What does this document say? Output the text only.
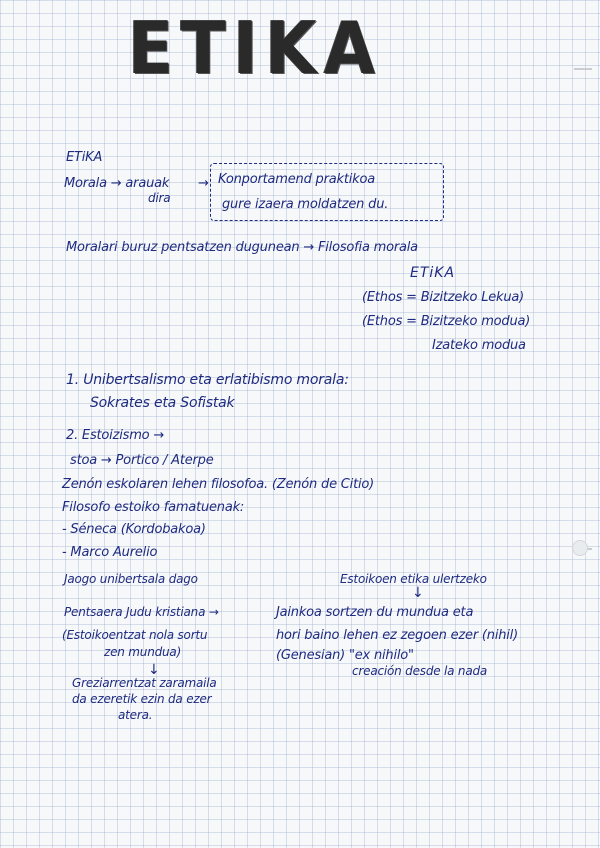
ETIKA
ETiKA
Morala → arauak
dira
→ Konportamend praktikoa
gure izaera moldatzen du.
Moralari buruz pentsatzen dugunean → Filosofia morala
ETiKA
(Ethos = Bizitzeko Lekua)
(Ethos = Bizitzeko modua)
Izateko modua
1. Unibertsalismo eta erlatibismo morala:
Sokrates eta Sofistak
2. Estoizismo →
stoa → Portico / Aterpe
Zenón eskolaren lehen filosofoa. (Zenón de Citio)
Filosofo estoiko famatuenak:
- Séneca (Kordobakoa)
- Marco Aurelio
Jaogo unibertsala dago	Estoikoen etika ulertzeko
↓
Pentsaera Judu kristiana →	Jainkoa sortzen du mundua eta
(Estoikoentzat nola sortu	hori baino lehen ez zegoen ezer (nihil)
zen mundua)	(Genesian) "ex nihilo"
creación desde la nada
↓
Greziarrentzat zaramaila
da ezeretik ezin da ezer
atera.
